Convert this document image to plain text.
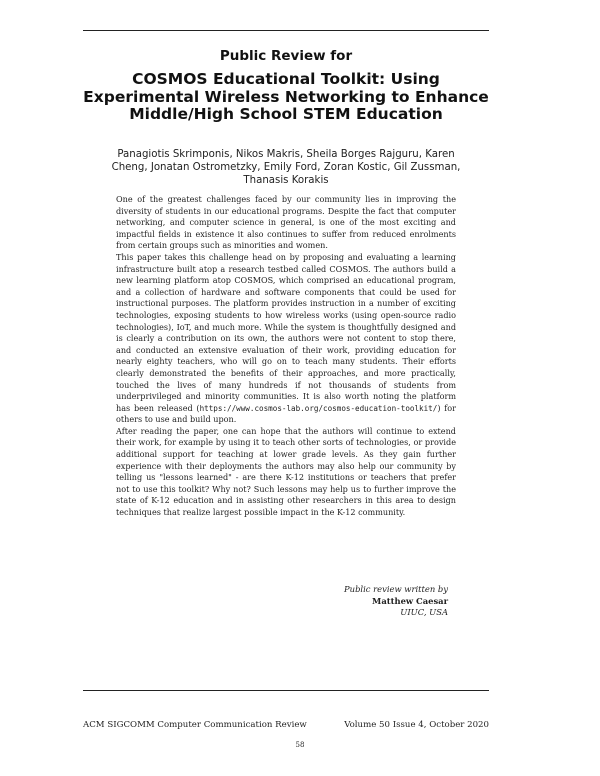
Public Review for
COSMOS Educational Toolkit: Using Experimental Wireless Networking to Enhance Middle/High School STEM Education
Panagiotis Skrimponis, Nikos Makris, Sheila Borges Rajguru, Karen Cheng, Jonatan Ostrometzky, Emily Ford, Zoran Kostic, Gil Zussman, Thanasis Korakis

One of the greatest challenges faced by our community lies in improving the diversity of students in our educational programs. Despite the fact that computer networking, and computer science in general, is one of the most exciting and impactful fields in existence it also continues to suffer from reduced enrolments from certain groups such as minorities and women.

This paper takes this challenge head on by proposing and evaluating a learning infrastructure built atop a research testbed called COSMOS. The authors build a new learning platform atop COSMOS, which comprised an educational program, and a collection of hardware and software components that could be used for instructional purposes. The platform provides instruction in a number of exciting technologies, exposing students to how wireless works (using open-source radio technologies), IoT, and much more. While the system is thoughtfully designed and is clearly a contribution on its own, the authors were not content to stop there, and conducted an extensive evaluation of their work, providing education for nearly eighty teachers, who will go on to teach many students. Their efforts clearly demonstrated the benefits of their approaches, and more practically, touched the lives of many hundreds if not thousands of students from underprivileged and minority communities. It is also worth noting the platform has been released (https://www.cosmos-lab.org/cosmos-education-toolkit/) for others to use and build upon.

After reading the paper, one can hope that the authors will continue to extend their work, for example by using it to teach other sorts of technologies, or provide additional support for teaching at lower grade levels. As they gain further experience with their deployments the authors may also help our community by telling us "lessons learned" - are there K-12 institutions or teachers that prefer not to use this toolkit? Why not? Such lessons may help us to further improve the state of K-12 education and in assisting other researchers in this area to design techniques that realize largest possible impact in the K-12 community.

Public review written by
Matthew Caesar
UIUC, USA
ACM SIGCOMM Computer Communication Review	Volume 50 Issue 4, October 2020
58
